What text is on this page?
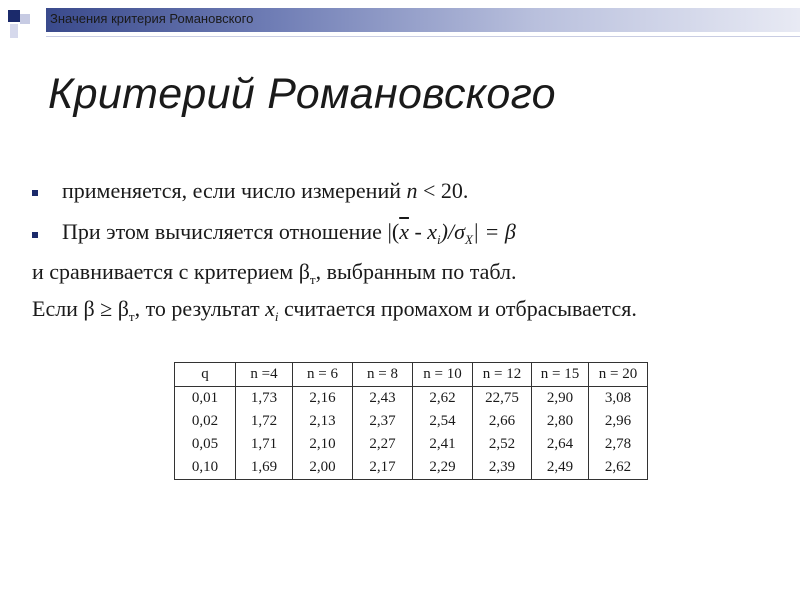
Значения критерия Романовского
Критерий Романовского
применяется, если число измерений n < 20.
При этом вычисляется отношение $|(\overline{x} - x_i)/\sigma_X| = \beta$
и сравнивается с критерием $\beta_т$, выбранным по табл.
Если $\beta \ge \beta_т$, то результат $x_i$ считается промахом и отбрасывается.
q	n =4	n = 6	n = 8	n = 10	n = 12	n = 15	n = 20
0,01	1,73	2,16	2,43	2,62	22,75	2,90	3,08
0,02	1,72	2,13	2,37	2,54	2,66	2,80	2,96
0,05	1,71	2,10	2,27	2,41	2,52	2,64	2,78
0,10	1,69	2,00	2,17	2,29	2,39	2,49	2,62
